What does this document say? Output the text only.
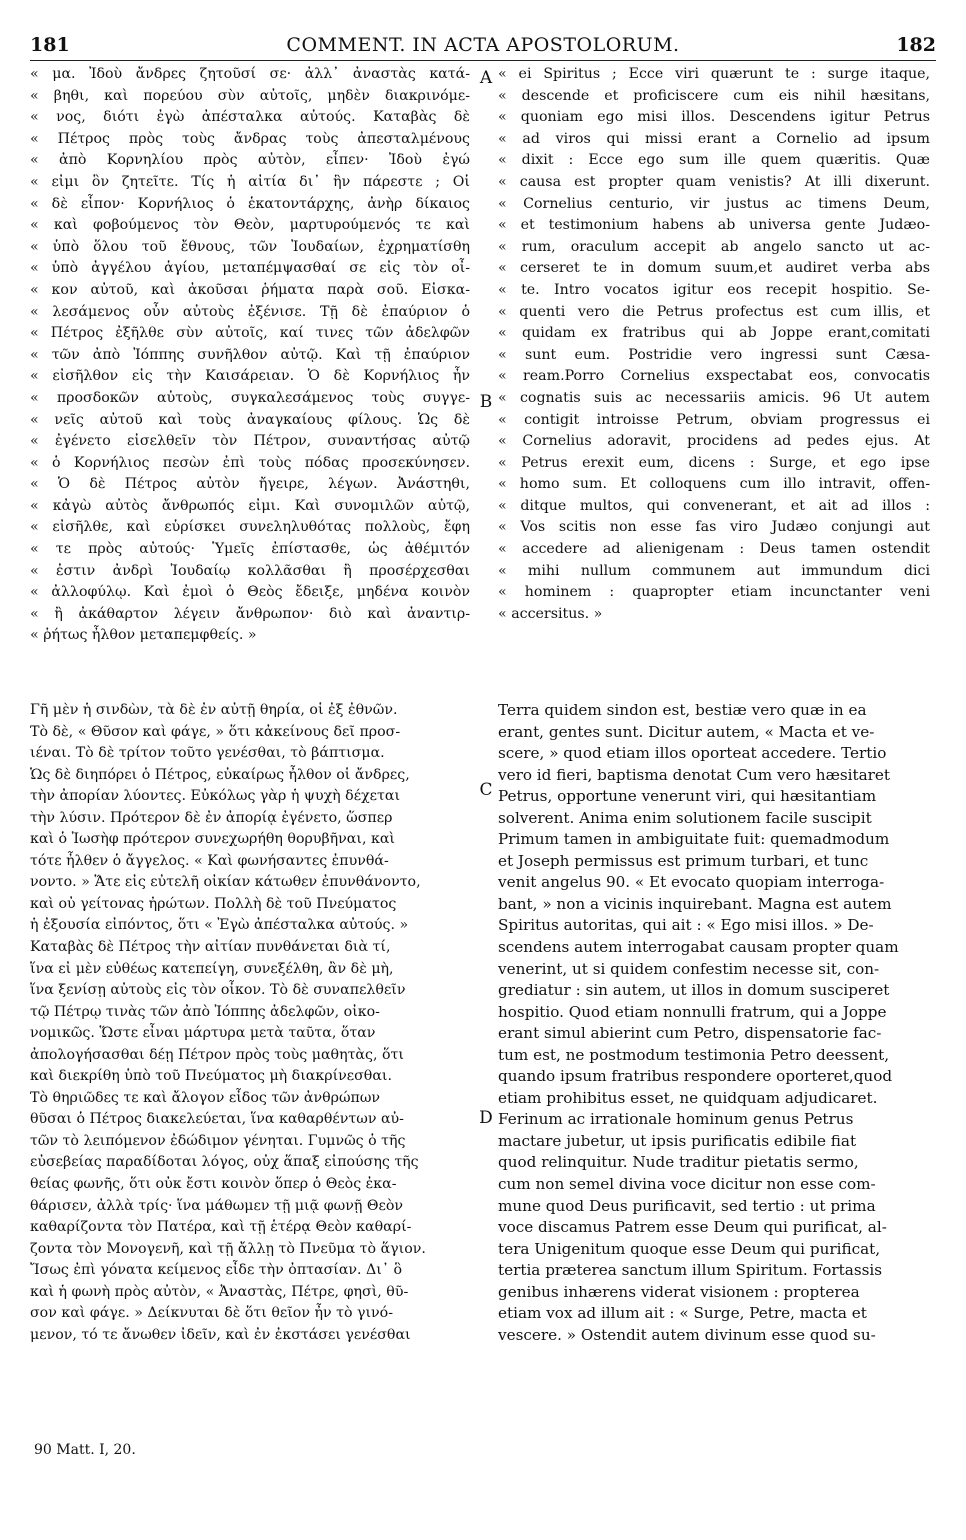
181	COMMENT. IN ACTA APOSTOLORUM.	182
« μα. Ἰδοὺ ἄνδρες ζητοῦσί σε· ἀλλ᾽ ἀναστὰς κατά-
« βηθι, καὶ πορεύου σὺν αὐτοῖς, μηδὲν διακρινόμε-
« νος, διότι ἐγὼ ἀπέσταλκα αὐτούς. Καταβὰς δὲ
« Πέτρος πρὸς τοὺς ἄνδρας τοὺς ἀπεσταλμένους
« ἀπὸ Κορνηλίου πρὸς αὐτὸν, εἶπεν· Ἰδοὺ ἐγώ
« εἰμι ὃν ζητεῖτε. Τίς ἡ αἰτία δι᾽ ἣν πάρεστε ; Οἱ
« δὲ εἶπον· Κορνήλιος ὁ ἑκατοντάρχης, ἀνὴρ δίκαιος
« καὶ φοβούμενος τὸν Θεὸν, μαρτυρούμενός τε καὶ
« ὑπὸ ὅλου τοῦ ἔθνους, τῶν Ἰουδαίων, ἐχρηματίσθη
« ὑπὸ ἀγγέλου ἁγίου, μεταπέμψασθαί σε εἰς τὸν οἶ-
« κον αὐτοῦ, καὶ ἀκοῦσαι ῥήματα παρὰ σοῦ. Εἰσκα-
« λεσάμενος οὖν αὐτοὺς ἐξένισε. Τῇ δὲ ἐπαύριον ὁ
« Πέτρος ἐξῆλθε σὺν αὐτοῖς, καί τινες τῶν ἀδελφῶν
« τῶν ἀπὸ Ἰόππης συνῆλθον αὐτῷ. Καὶ τῇ ἐπαύριον
« εἰσῆλθον εἰς τὴν Καισάρειαν. Ὁ δὲ Κορνήλιος ἦν
« προσδοκῶν αὐτοὺς, συγκαλεσάμενος τοὺς συγγε-
« νεῖς αὐτοῦ καὶ τοὺς ἀναγκαίους φίλους. Ὡς δὲ
« ἐγένετο εἰσελθεῖν τὸν Πέτρον, συναντήσας αὐτῷ
« ὁ Κορνήλιος πεσὼν ἐπὶ τοὺς πόδας προσεκύνησεν.
« Ὁ δὲ Πέτρος αὐτὸν ἤγειρε, λέγων. Ἀνάστηθι,
« κἀγὼ αὐτὸς ἄνθρωπός εἰμι. Καὶ συνομιλῶν αὐτῷ,
« εἰσῆλθε, καὶ εὑρίσκει συνεληλυθότας πολλοὺς, ἔφη
« τε πρὸς αὐτούς· Ὑμεῖς ἐπίστασθε, ὡς ἀθέμιτόν
« ἐστιν ἀνδρὶ Ἰουδαίῳ κολλᾶσθαι ἢ προσέρχεσθαι
« ἀλλοφύλῳ. Καὶ ἐμοὶ ὁ Θεὸς ἔδειξε, μηδένα κοινὸν
« ἢ ἀκάθαρτον λέγειν ἄνθρωπον· διὸ καὶ ἀναντιρ-
« ῥήτως ἦλθον μεταπεμφθείς. »
« ei Spiritus ; Ecce viri quærunt te : surge itaque,
« descende et proficiscere cum eis nihil hæsitans,
« quoniam ego misi illos. Descendens igitur Petrus
« ad viros qui missi erant a Cornelio ad ipsum
« dixit : Ecce ego sum ille quem quæritis. Quæ
« causa est propter quam venistis? At illi dixerunt.
« Cornelius centurio, vir justus ac timens Deum,
« et testimonium habens ab universa gente Judæo-
« rum, oraculum accepit ab angelo sancto ut ac-
« cerseret te in domum suum,et audiret verba abs
« te. Intro vocatos igitur eos recepit hospitio. Se-
« quenti vero die Petrus profectus est cum illis, et
« quidam ex fratribus qui ab Joppe erant,comitati
« sunt eum. Postridie vero ingressi sunt Cæsa-
« ream.Porro Cornelius exspectabat eos, convocatis
« cognatis suis ac necessariis amicis. 96 Ut autem
« contigit introisse Petrum, obviam progressus ei
« Cornelius adoravit, procidens ad pedes ejus. At
« Petrus erexit eum, dicens : Surge, et ego ipse
« homo sum. Et colloquens cum illo intravit, offen-
« ditque multos, qui convenerant, et ait ad illos :
« Vos scitis non esse fas viro Judæo conjungi aut
« accedere ad alienigenam : Deus tamen ostendit
« mihi nullum communem aut immundum dici
« hominem : quapropter etiam incunctanter veni
« accersitus. »
Γῆ μὲν ἡ σινδὼν, τὰ δὲ ἐν αὐτῇ θηρία, οἱ ἐξ ἐθνῶν.
Τὸ δὲ, « Θῦσον καὶ φάγε, » ὅτι κἀκείνους δεῖ προσ-
ιέναι. Τὸ δὲ τρίτον τοῦτο γενέσθαι, τὸ βάπτισμα.
Ὡς δὲ διηπόρει ὁ Πέτρος, εὐκαίρως ἦλθον οἱ ἄνδρες,
τὴν ἀπορίαν λύοντες. Εὐκόλως γὰρ ἡ ψυχὴ δέχεται
τὴν λύσιν. Πρότερον δὲ ἐν ἀπορίᾳ ἐγένετο, ὥσπερ
καὶ ὁ Ἰωσὴφ πρότερον συνεχωρήθη θορυβῆναι, καὶ
τότε ἦλθεν ὁ ἄγγελος. « Καὶ φωνήσαντες ἐπυνθά-
νοντο. » Ἅτε εἰς εὐτελῆ οἰκίαν κάτωθεν ἐπυνθάνοντο,
καὶ οὐ γείτονας ἠρώτων. Πολλὴ δὲ τοῦ Πνεύματος
ἡ ἐξουσία εἰπόντος, ὅτι « Ἐγὼ ἀπέσταλκα αὐτούς. »
Καταβὰς δὲ Πέτρος τὴν αἰτίαν πυνθάνεται διὰ τί,
ἵνα εἰ μὲν εὐθέως κατεπείγη, συνεξέλθη, ἂν δὲ μὴ,
ἵνα ξενίσῃ αὐτοὺς εἰς τὸν οἶκον. Τὸ δὲ συναπελθεῖν
τῷ Πέτρῳ τινὰς τῶν ἀπὸ Ἰόππης ἀδελφῶν, οἰκο-
νομικῶς. Ὥστε εἶναι μάρτυρα μετὰ ταῦτα, ὅταν
ἀπολογήσασθαι δέῃ Πέτρον πρὸς τοὺς μαθητὰς, ὅτι
καὶ διεκρίθη ὑπὸ τοῦ Πνεύματος μὴ διακρίνεσθαι.
Τὸ θηριῶδες τε καὶ ἄλογον εἶδος τῶν ἀνθρώπων
θῦσαι ὁ Πέτρος διακελεύεται, ἵνα καθαρθέντων αὐ-
τῶν τὸ λειπόμενον ἐδώδιμον γένηται. Γυμνῶς ὁ τῆς
εὐσεβείας παραδίδοται λόγος, οὐχ ἅπαξ εἰπούσης τῆς
θείας φωνῆς, ὅτι οὐκ ἔστι κοινὸν ὅπερ ὁ Θεὸς ἐκα-
θάρισεν, ἀλλὰ τρίς· ἵνα μάθωμεν τῇ μιᾷ φωνῇ Θεὸν
καθαρίζοντα τὸν Πατέρα, καὶ τῇ ἑτέρᾳ Θεὸν καθαρί-
ζοντα τὸν Μονογενῆ, καὶ τῇ ἄλλῃ τὸ Πνεῦμα τὸ ἅγιον.
Ἴσως ἐπὶ γόνατα κείμενος εἶδε τὴν ὀπτασίαν. Δι᾽ ὃ
καὶ ἡ φωνὴ πρὸς αὐτὸν, « Ἀναστὰς, Πέτρε, φησὶ, θῦ-
σον καὶ φάγε. » Δείκνυται δὲ ὅτι θεῖον ἦν τὸ γινό-
μενον, τό τε ἄνωθεν ἰδεῖν, καὶ ἐν ἐκστάσει γενέσθαι
Terra quidem sindon est, bestiæ vero quæ in ea
erant, gentes sunt. Dicitur autem, « Macta et ve-
scere, » quod etiam illos oporteat accedere. Tertio
vero id fieri, baptisma denotat Cum vero hæsitaret
Petrus, opportune venerunt viri, qui hæsitantiam
solverent. Anima enim solutionem facile suscipit
Primum tamen in ambiguitate fuit: quemadmodum
et Joseph permissus est primum turbari, et tunc
venit angelus 90. « Et evocato quopiam interroga-
bant, » non a vicinis inquirebant. Magna est autem
Spiritus autoritas, qui ait : « Ego misi illos. » De-
scendens autem interrogabat causam propter quam
venerint, ut si quidem confestim necesse sit, con-
grediatur : sin autem, ut illos in domum susciperet
hospitio. Quod etiam nonnulli fratrum, qui a Joppe
erant simul abierint cum Petro, dispensatorie fac-
tum est, ne postmodum testimonia Petro deessent,
quando ipsum fratribus respondere oporteret,quod
etiam prohibitus esset, ne quidquam adjudicaret.
Ferinum ac irrationale hominum genus Petrus
mactare jubetur, ut ipsis purificatis edibile fiat
quod relinquitur. Nude traditur pietatis sermo,
cum non semel divina voce dicitur non esse com-
mune quod Deus purificavit, sed tertio : ut prima
voce discamus Patrem esse Deum qui purificat, al-
tera Unigenitum quoque esse Deum qui purificat,
tertia præterea sanctum illum Spiritum. Fortassis
genibus inhærens viderat visionem : propterea
etiam vox ad illum ait : « Surge, Petre, macta et
vescere. » Ostendit autem divinum esse quod su-
A
B
C
D
90 Matt. I, 20.
